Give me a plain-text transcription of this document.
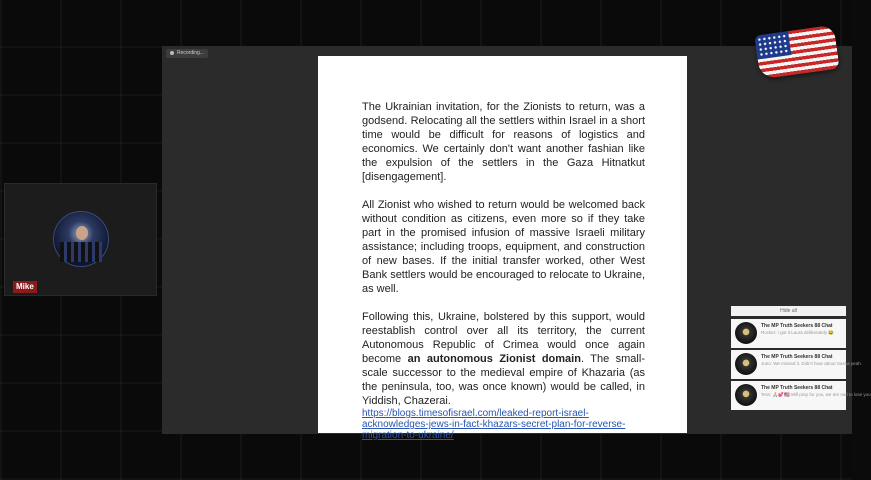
Recording...

The Ukrainian invitation, for the Zionists to return, was a godsend. Relocating all the settlers within Israel in a short time would be difficult for reasons of logistics and economics. We certainly don't want another fashian like the expulsion of the settlers in the Gaza Hitnatkut [disengagement].

All Zionist who wished to return would be welcomed back without condition as citizens, even more so if they take part in the promised infusion of massive Israeli military assistance; including troops, equipment, and construction of new bases. If the initial transfer worked, other West Bank settlers would be encouraged to relocate to Ukraine, as well.

Following this, Ukraine, bolstered by this support, would reestablish control over all its territory, the current Autonomous Republic of Crimea would once again become an autonomous Zionist domain. The small-scale successor to the medieval empire of Khazaria (as the peninsula, too, was once known) would be called, in Yiddish, Chazerai.

https://blogs.timesofisrael.com/leaked-report-israel-acknowledges-jews-in-fact-khazars-secret-plan-for-reverse-migration-to-ukraine/
Mike
Hide all
The MP Truth Seekers 88 Chat
Rocker: I got it Laura deliberately 😂
The MP Truth Seekers 88 Chat
Juno: We missed it. Didn't hear about Sasha yeah.
The MP Truth Seekers 88 Chat
Tess: 🙏💕🇺🇸 Will pray for you, we are sad to lose you
